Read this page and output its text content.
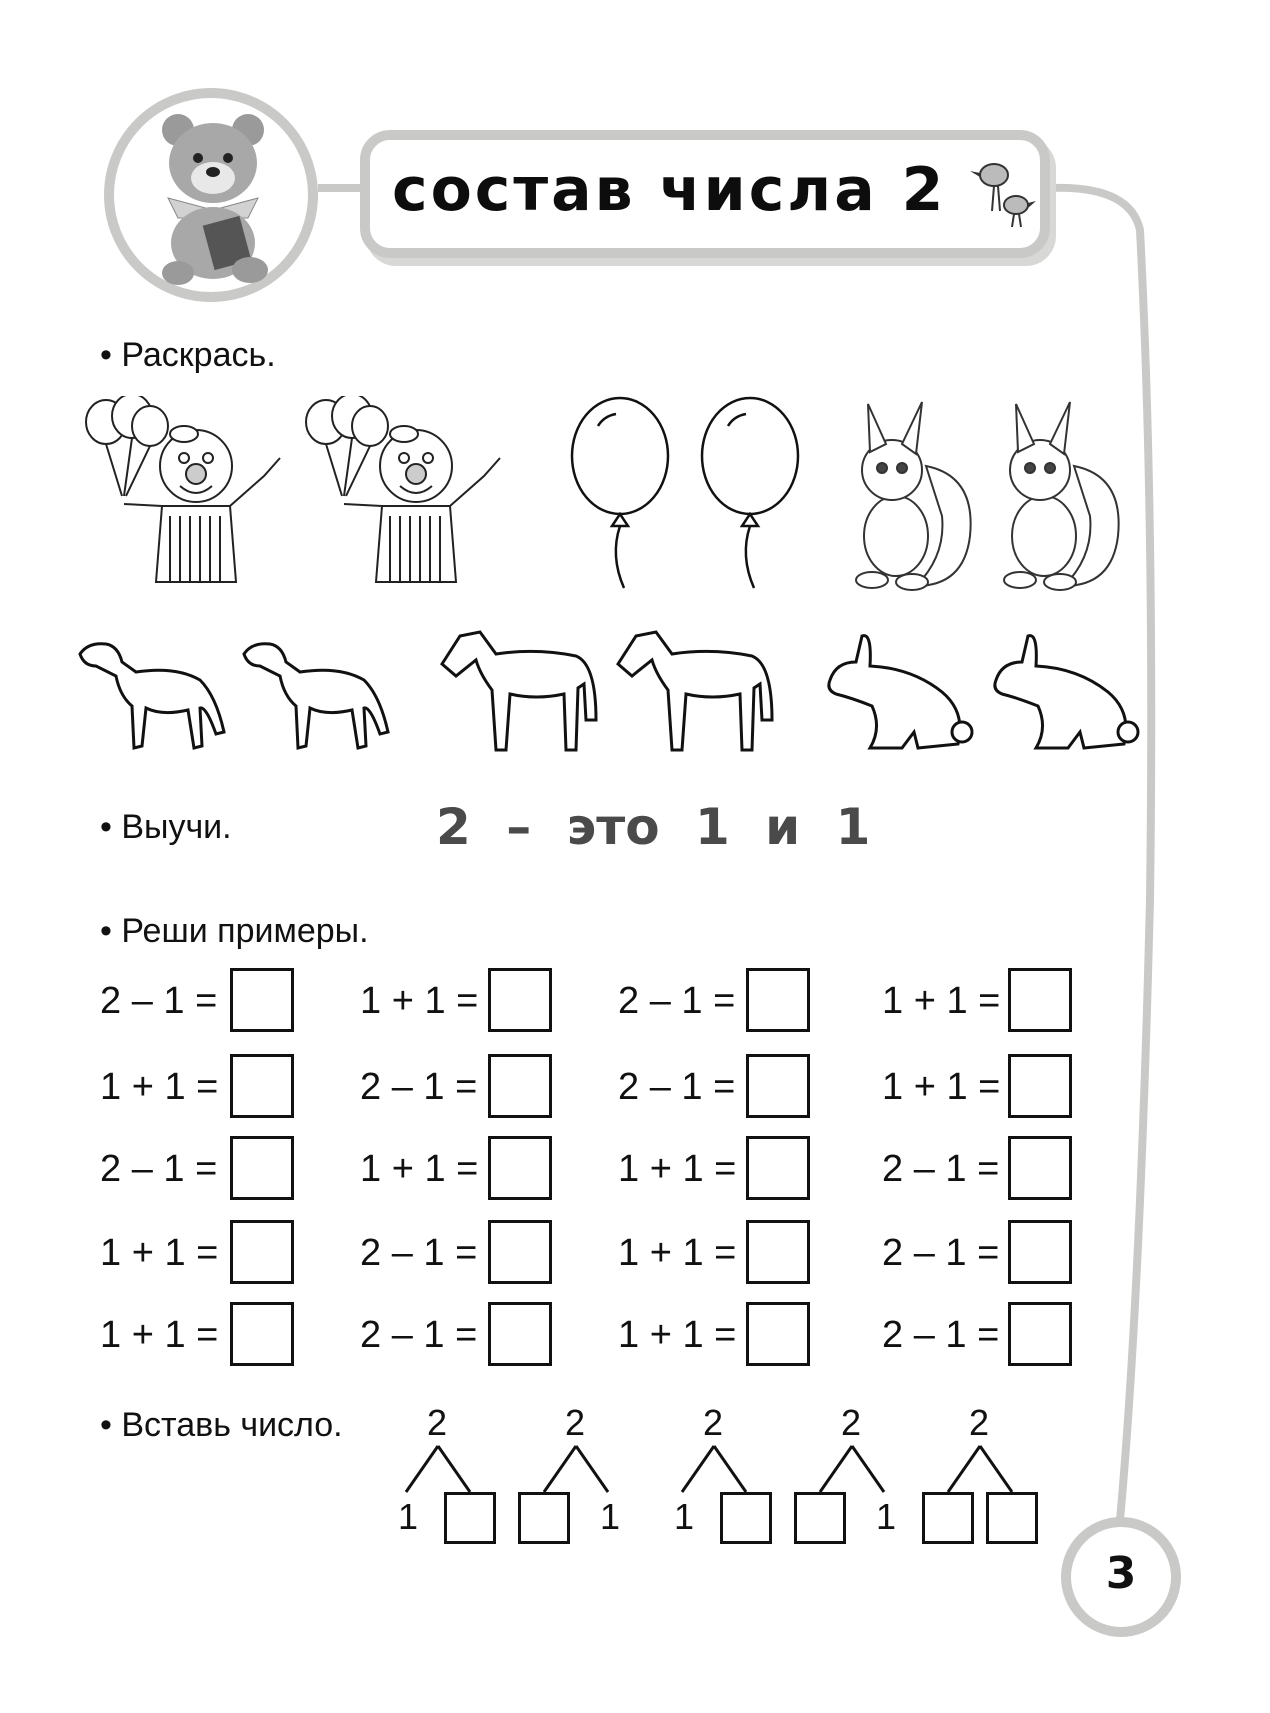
состав числа 2
• Раскрась.
• Выучи.	2 – это 1 и 1
• Реши примеры.
2 – 1 =	1 + 1 =	2 – 1 =	1 + 1 =
1 + 1 =	2 – 1 =	2 – 1 =	1 + 1 =
2 – 1 =	1 + 1 =	1 + 1 =	2 – 1 =
1 + 1 =	2 – 1 =	1 + 1 =	2 – 1 =
1 + 1 =	2 – 1 =	1 + 1 =	2 – 1 =
• Вставь число. 2
1
2
1
2
1
2
1
2
3
